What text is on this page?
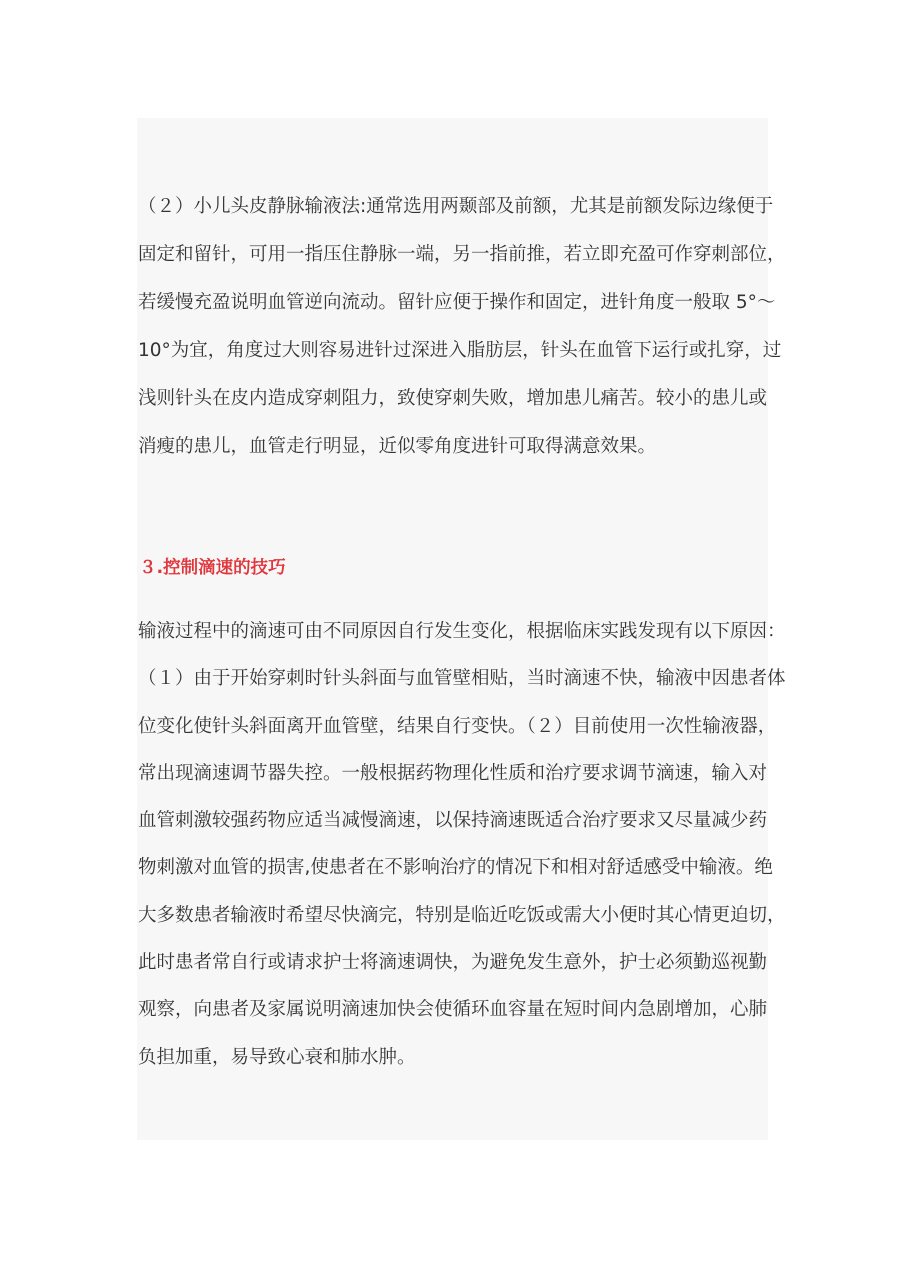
（２）小儿头皮静脉输液法:通常选用两颞部及前额，尤其是前额发际边缘便于
固定和留针，可用一指压住静脉一端，另一指前推，若立即充盈可作穿刺部位，
若缓慢充盈说明血管逆向流动。留针应便于操作和固定，进针角度一般取 5°～
10°为宜，角度过大则容易进针过深进入脂肪层，针头在血管下运行或扎穿，过
浅则针头在皮内造成穿刺阻力，致使穿刺失败，增加患儿痛苦。较小的患儿或
消瘦的患儿，血管走行明显，近似零角度进针可取得满意效果。
３.控制滴速的技巧
输液过程中的滴速可由不同原因自行发生变化，根据临床实践发现有以下原因：
（１）由于开始穿刺时针头斜面与血管壁相贴，当时滴速不快，输液中因患者体
位变化使针头斜面离开血管壁，结果自行变快。（２）目前使用一次性输液器，
常出现滴速调节器失控。一般根据药物理化性质和治疗要求调节滴速，输入对
血管刺激较强药物应适当减慢滴速，以保持滴速既适合治疗要求又尽量减少药
物刺激对血管的损害,使患者在不影响治疗的情况下和相对舒适感受中输液。绝
大多数患者输液时希望尽快滴完，特别是临近吃饭或需大小便时其心情更迫切，
此时患者常自行或请求护士将滴速调快，为避免发生意外，护士必须勤巡视勤
观察，向患者及家属说明滴速加快会使循环血容量在短时间内急剧增加，心肺
负担加重，易导致心衰和肺水肿。
